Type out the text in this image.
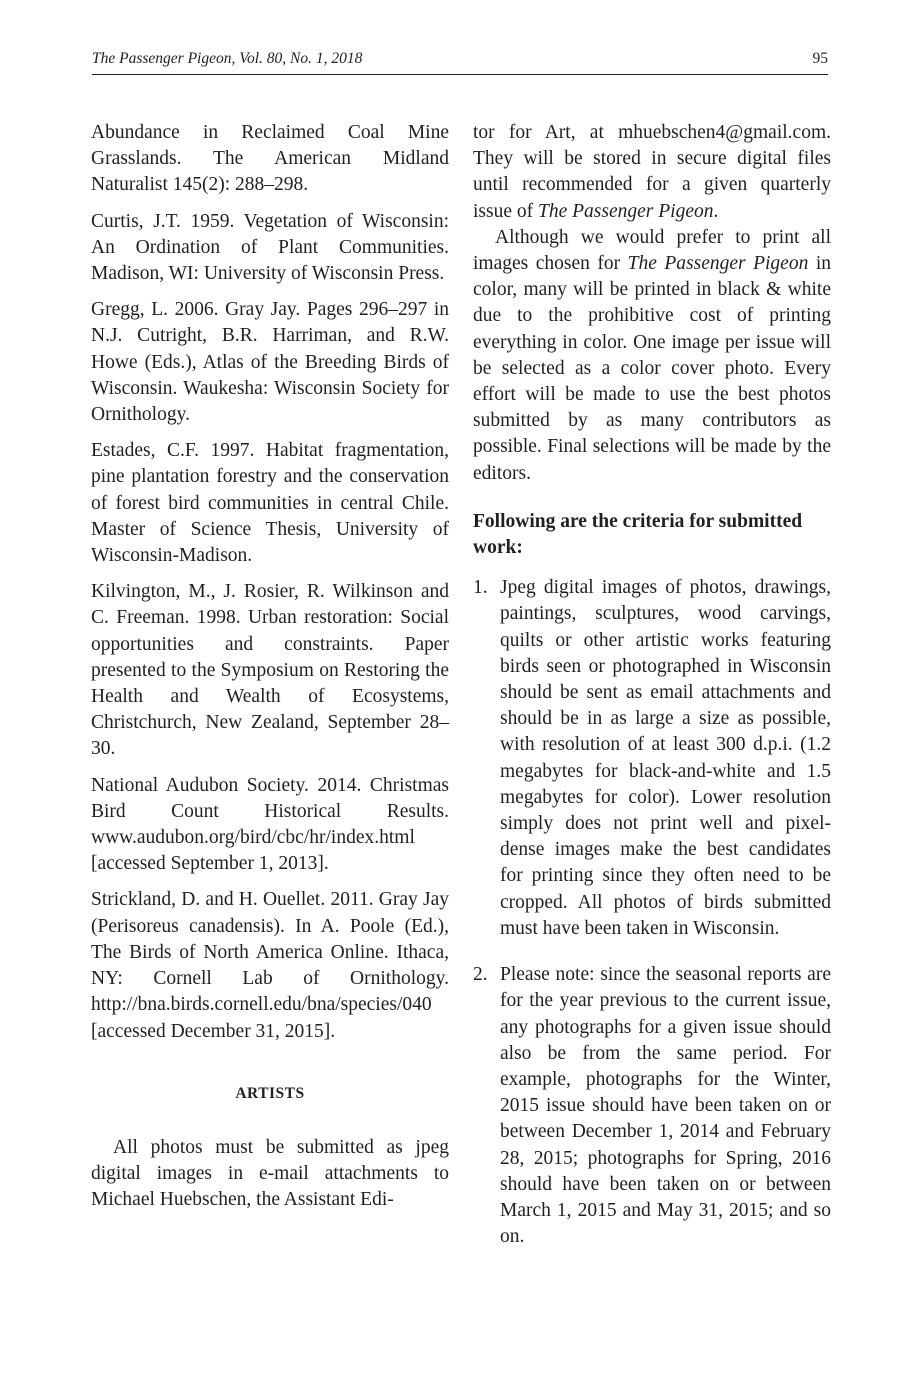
The Passenger Pigeon, Vol. 80, No. 1, 2018	95

Abundance in Reclaimed Coal Mine Grasslands. The American Midland Naturalist 145(2): 288–298.

Curtis, J.T. 1959. Vegetation of Wisconsin: An Ordination of Plant Communities. Madison, WI: University of Wisconsin Press.

Gregg, L. 2006. Gray Jay. Pages 296–297 in N.J. Cutright, B.R. Harriman, and R.W. Howe (Eds.), Atlas of the Breeding Birds of Wisconsin. Waukesha: Wisconsin Society for Ornithology.

Estades, C.F. 1997. Habitat fragmentation, pine plantation forestry and the conservation of forest bird communities in central Chile. Master of Science Thesis, University of Wisconsin-Madison.

Kilvington, M., J. Rosier, R. Wilkinson and C. Freeman. 1998. Urban restoration: Social opportunities and constraints. Paper presented to the Symposium on Restoring the Health and Wealth of Ecosystems, Christchurch, New Zealand, September 28–30.

National Audubon Society. 2014. Christmas Bird Count Historical Results. www.audubon.org/bird/cbc/hr/index.html [accessed September 1, 2013].

Strickland, D. and H. Ouellet. 2011. Gray Jay (Perisoreus canadensis). In A. Poole (Ed.), The Birds of North America Online. Ithaca, NY: Cornell Lab of Ornithology. http://bna.birds.cornell.edu/bna/species/040 [accessed December 31, 2015].

ARTISTS

All photos must be submitted as jpeg digital images in e-mail attachments to Michael Huebschen, the Assistant Edi-

tor for Art, at mhuebschen4@gmail.com. They will be stored in secure digital files until recommended for a given quarterly issue of The Passenger Pigeon.

Although we would prefer to print all images chosen for The Passenger Pigeon in color, many will be printed in black & white due to the prohibitive cost of printing everything in color. One image per issue will be selected as a color cover photo. Every effort will be made to use the best photos submitted by as many contributors as possible. Final selections will be made by the editors.

Following are the criteria for submitted work:

1. Jpeg digital images of photos, drawings, paintings, sculptures, wood carvings, quilts or other artistic works featuring birds seen or photographed in Wisconsin should be sent as email attachments and should be in as large a size as possible, with resolution of at least 300 d.p.i. (1.2 megabytes for black-and-white and 1.5 megabytes for color). Lower resolution simply does not print well and pixel-dense images make the best candidates for printing since they often need to be cropped. All photos of birds submitted must have been taken in Wisconsin.
2. Please note: since the seasonal reports are for the year previous to the current issue, any photographs for a given issue should also be from the same period. For example, photographs for the Winter, 2015 issue should have been taken on or between December 1, 2014 and February 28, 2015; photographs for Spring, 2016 should have been taken on or between March 1, 2015 and May 31, 2015; and so on.
